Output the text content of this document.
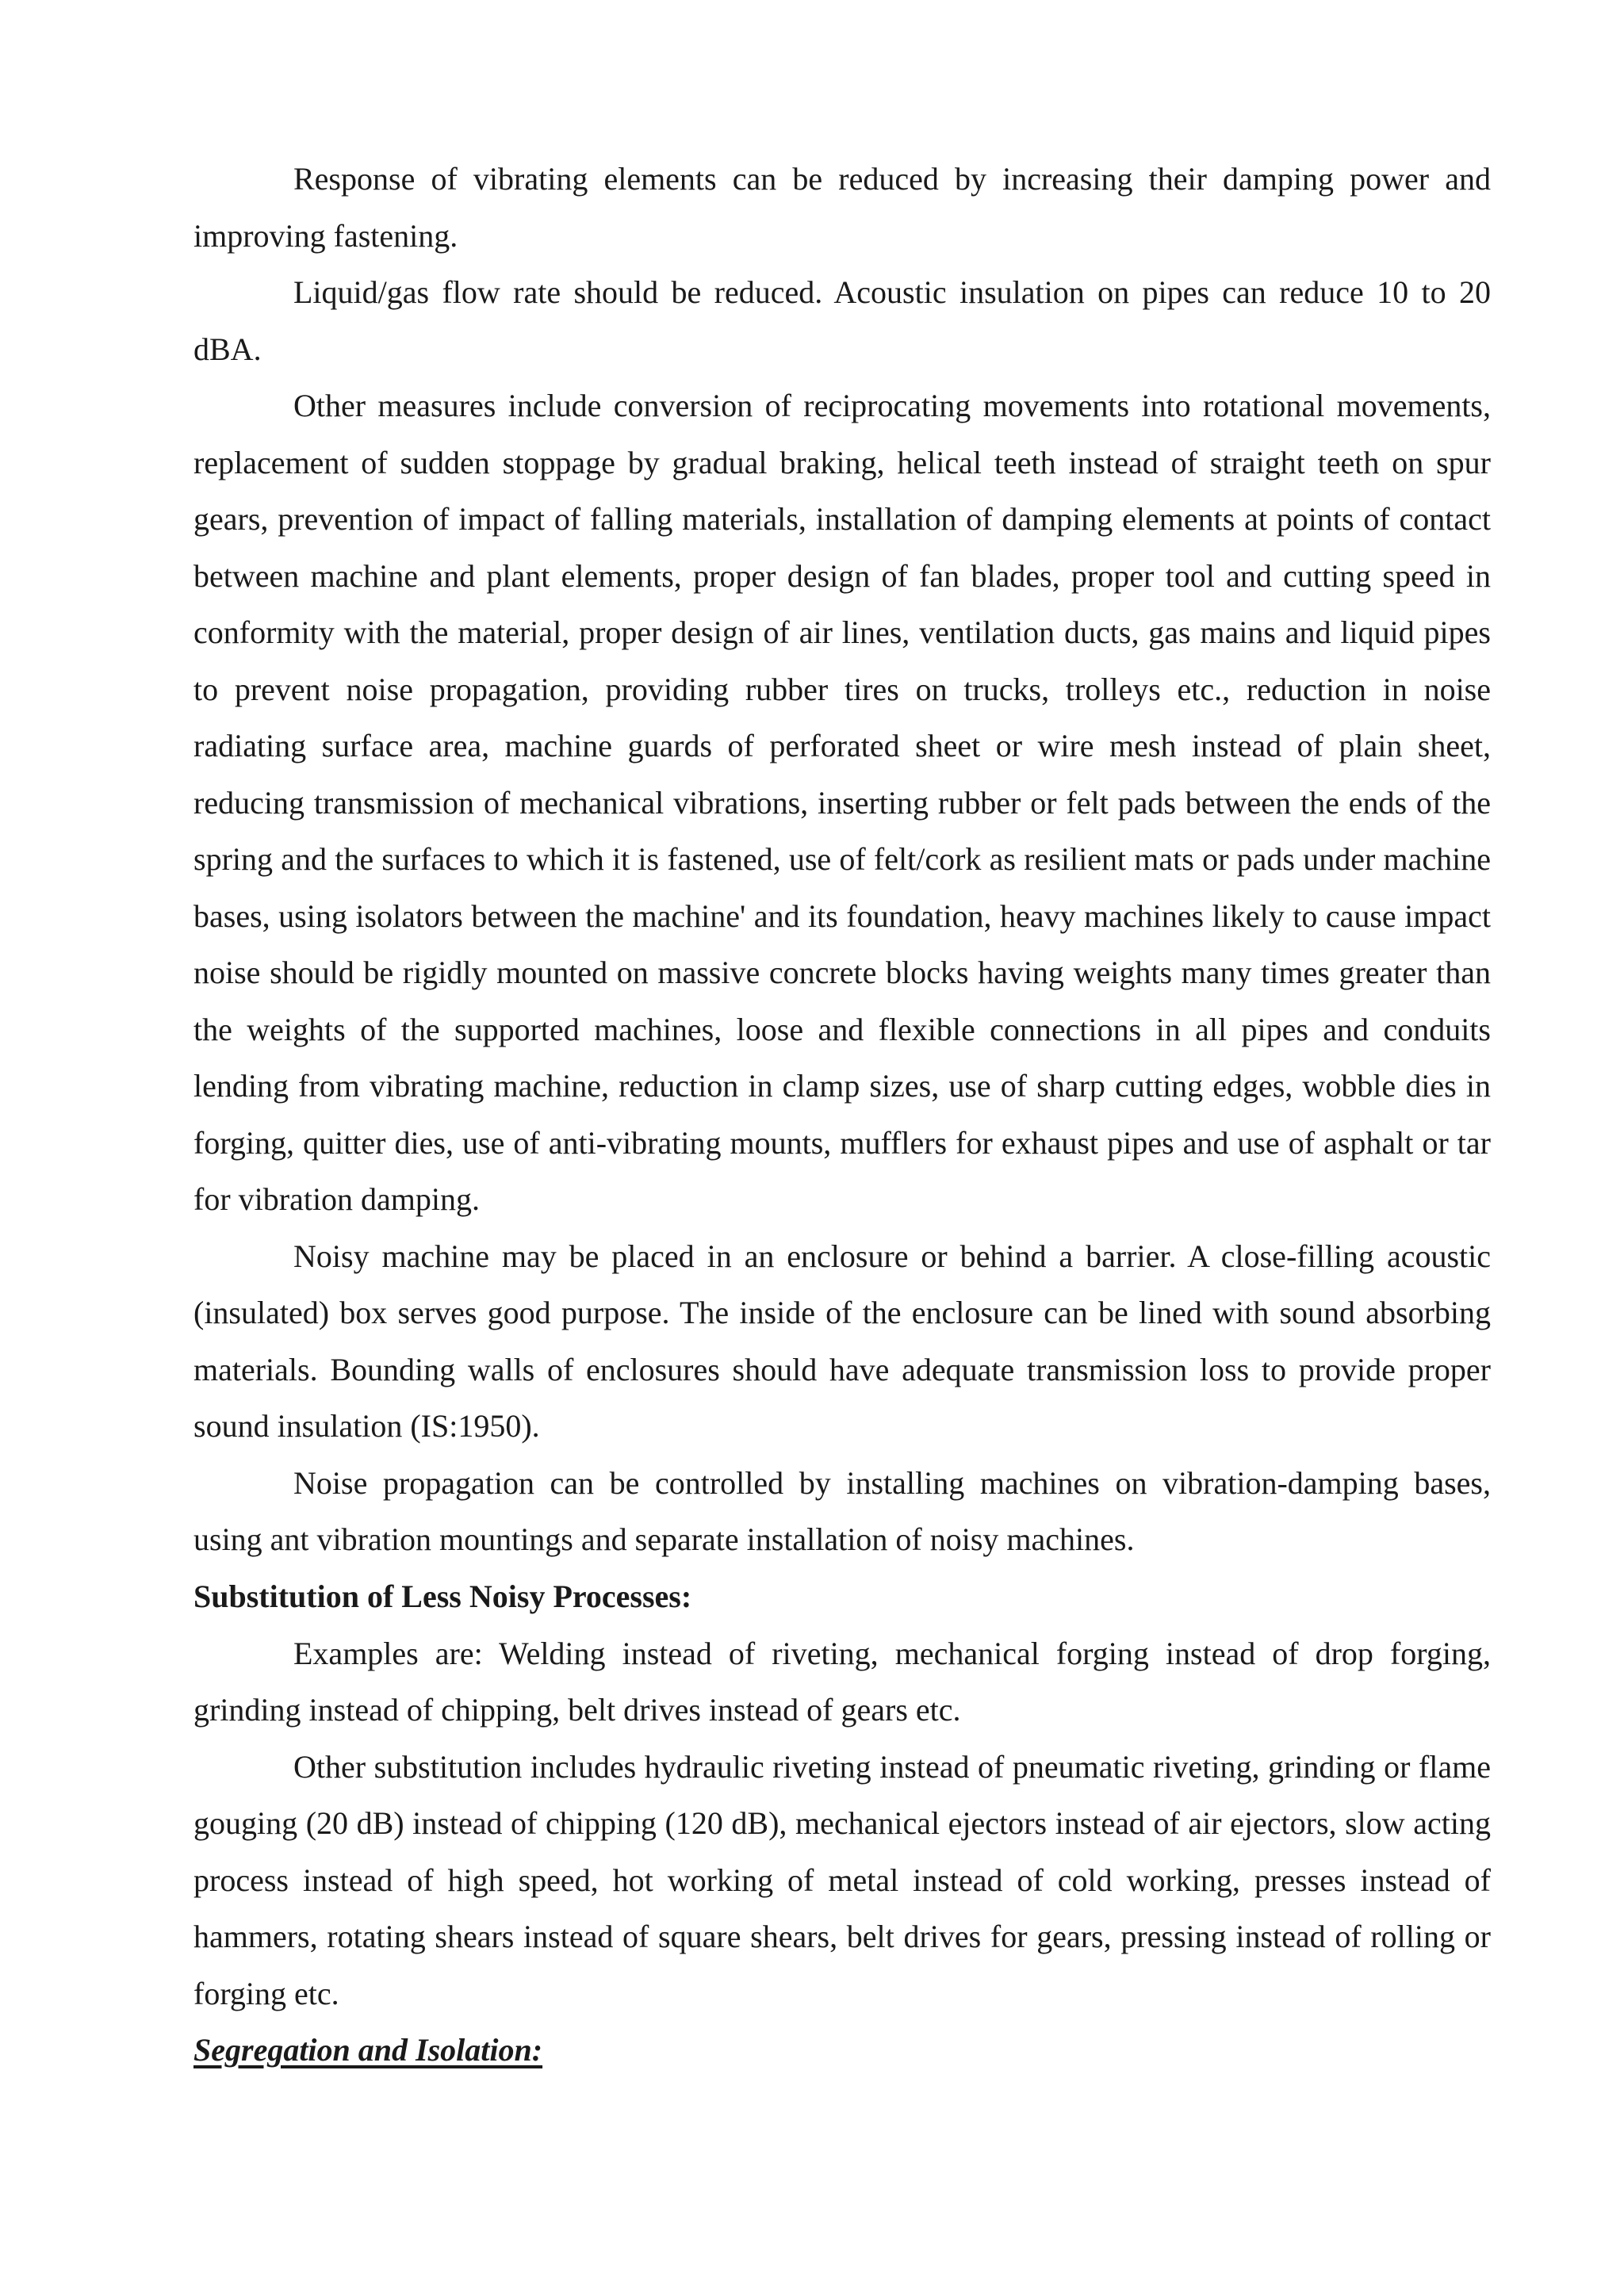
Response of vibrating elements can be reduced by increasing their damping power and improving fastening.

Liquid/gas flow rate should be reduced. Acoustic insulation on pipes can reduce 10 to 20 dBA.

Other measures include conversion of reciprocating movements into rotational movements, replacement of sudden stoppage by gradual braking, helical teeth instead of straight teeth on spur gears, prevention of impact of falling materials, installation of damping elements at points of contact between machine and plant elements, proper design of fan blades, proper tool and cutting speed in conformity with the material, proper design of air lines, ventilation ducts, gas mains and liquid pipes to prevent noise propagation, providing rubber tires on trucks, trolleys etc., reduction in noise radiating surface area, machine guards of perforated sheet or wire mesh instead of plain sheet, reducing transmission of mechanical vibrations, inserting rubber or felt pads between the ends of the spring and the surfaces to which it is fastened, use of felt/cork as resilient mats or pads under machine bases, using isolators between the machine' and its foundation, heavy machines likely to cause impact noise should be rigidly mounted on massive concrete blocks having weights many times greater than the weights of the supported machines, loose and flexible connections in all pipes and conduits lending from vibrating machine, reduction in clamp sizes, use of sharp cutting edges, wobble dies in forging, quitter dies, use of anti-vibrating mounts, mufflers for exhaust pipes and use of asphalt or tar for vibration damping.

Noisy machine may be placed in an enclosure or behind a barrier. A close-filling acoustic (insulated) box serves good purpose. The inside of the enclosure can be lined with sound absorbing materials. Bounding walls of enclosures should have adequate transmission loss to provide proper sound insulation (IS:1950).

Noise propagation can be controlled by installing machines on vibration-damping bases, using ant vibration mountings and separate installation of noisy machines.

Substitution of Less Noisy Processes:

Examples are: Welding instead of riveting, mechanical forging instead of drop forging, grinding instead of chipping, belt drives instead of gears etc.

Other substitution includes hydraulic riveting instead of pneumatic riveting, grinding or flame gouging (20 dB) instead of chipping (120 dB), mechanical ejectors instead of air ejectors, slow acting process instead of high speed, hot working of metal instead of cold working, presses instead of hammers, rotating shears instead of square shears, belt drives for gears, pressing instead of rolling or forging etc.

Segregation and Isolation:
